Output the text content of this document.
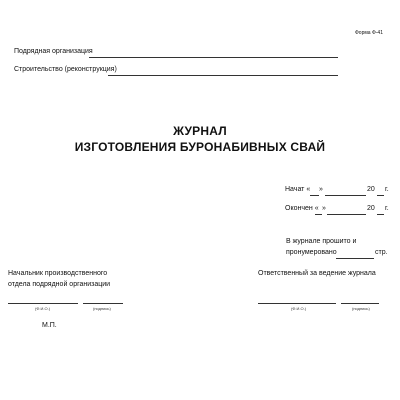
Форма Ф-41
Подрядная организация
Строительство (реконструкция)
ЖУРНАЛ
ИЗГОТОВЛЕНИЯ БУРОНАБИВНЫХ СВАЙ
Начат « »	20 г.
Окончен « »	20 г.
В журнале прошито и
пронумеровано	стр.
Начальник производственного
отдела подрядной организации
(Ф.И.О.)	(подпись)
М.П.
Ответственный за ведение журнала
(Ф.И.О.)	(подпись)
